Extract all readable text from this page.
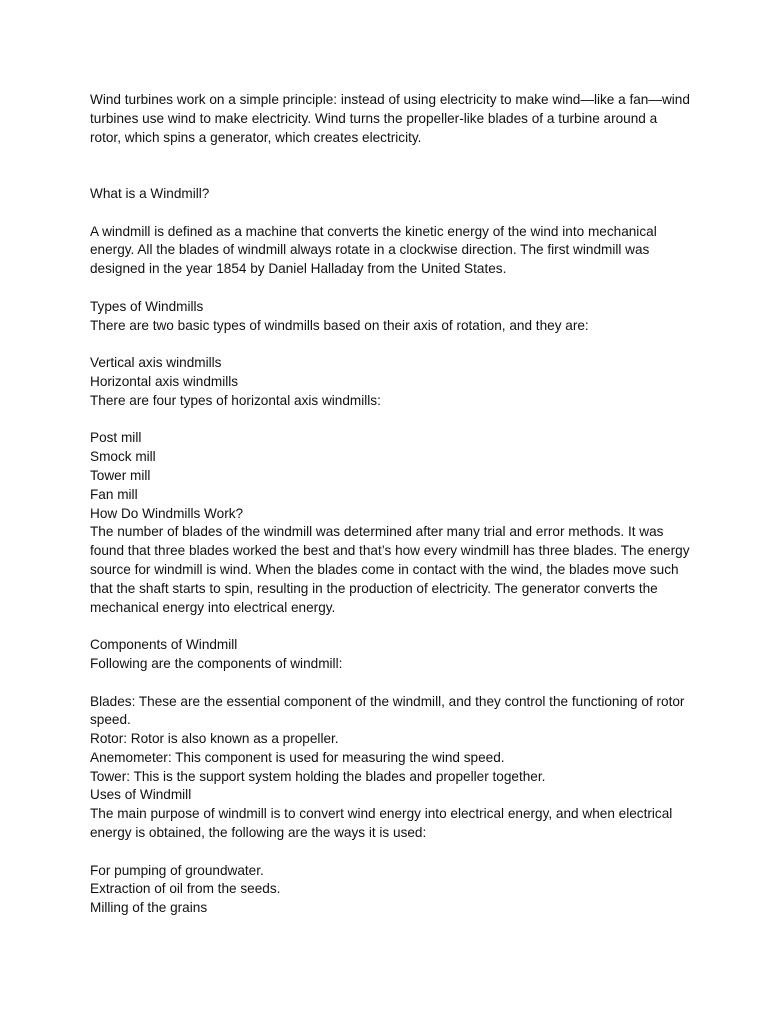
Wind turbines work on a simple principle: instead of using electricity to make wind—like a fan—wind turbines use wind to make electricity. Wind turns the propeller-like blades of a turbine around a rotor, which spins a generator, which creates electricity.

What is a Windmill?

A windmill is defined as a machine that converts the kinetic energy of the wind into mechanical energy. All the blades of windmill always rotate in a clockwise direction. The first windmill was designed in the year 1854 by Daniel Halladay from the United States.

Types of Windmills
There are two basic types of windmills based on their axis of rotation, and they are:
Vertical axis windmills
Horizontal axis windmills
There are four types of horizontal axis windmills:
Post mill
Smock mill
Tower mill
Fan mill
How Do Windmills Work?

The number of blades of the windmill was determined after many trial and error methods. It was found that three blades worked the best and that’s how every windmill has three blades. The energy source for windmill is wind. When the blades come in contact with the wind, the blades move such that the shaft starts to spin, resulting in the production of electricity. The generator converts the mechanical energy into electrical energy.

Components of Windmill
Following are the components of windmill:

Blades: These are the essential component of the windmill, and they control the functioning of rotor speed.

Rotor: Rotor is also known as a propeller.
Anemometer: This component is used for measuring the wind speed.
Tower: This is the support system holding the blades and propeller together.
Uses of Windmill

The main purpose of windmill is to convert wind energy into electrical energy, and when electrical energy is obtained, the following are the ways it is used:

For pumping of groundwater.
Extraction of oil from the seeds.
Milling of the grains
